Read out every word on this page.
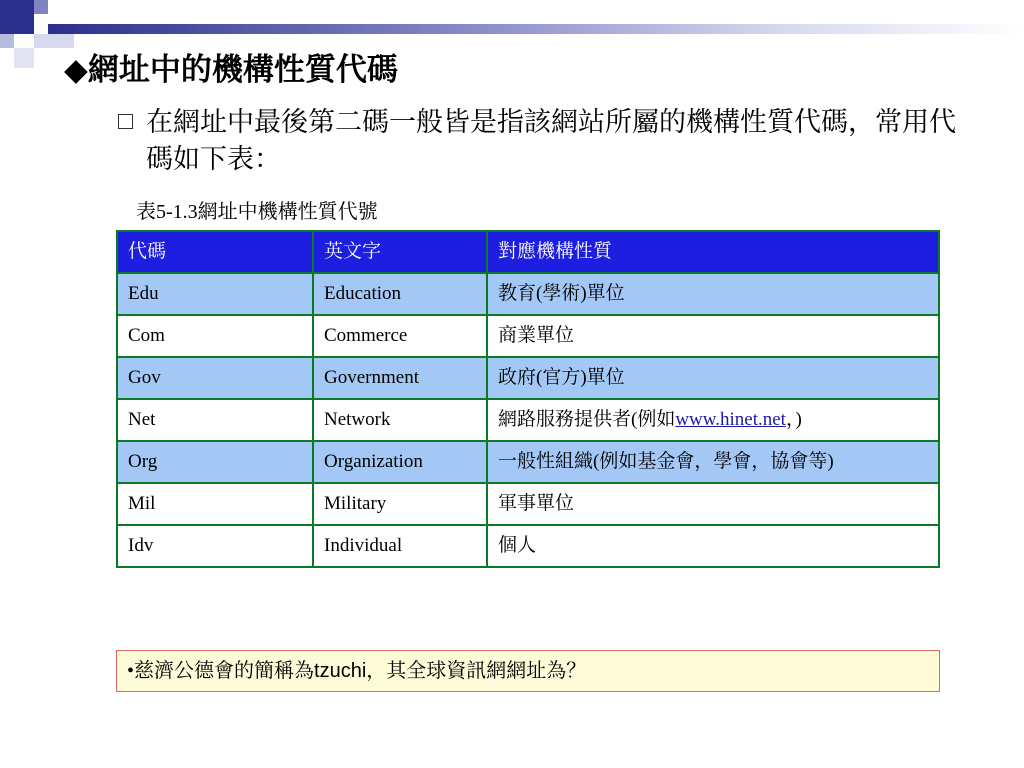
◆網址中的機構性質代碼
在網址中最後第二碼一般皆是指該網站所屬的機構性質代碼，常用代碼如下表：
表5-1.3網址中機構性質代號
代碼	英文字	對應機構性質
Edu	Education	教育(學術)單位
Com	Commerce	商業單位
Gov	Government	政府(官方)單位
Net	Network	網路服務提供者(例如www.hinet.net，)
Org	Organization	一般性組織(例如基金會，學會，協會等)
Mil	Military	軍事單位
Idv	Individual	個人
•慈濟公德會的簡稱為tzuchi，其全球資訊網網址為？
